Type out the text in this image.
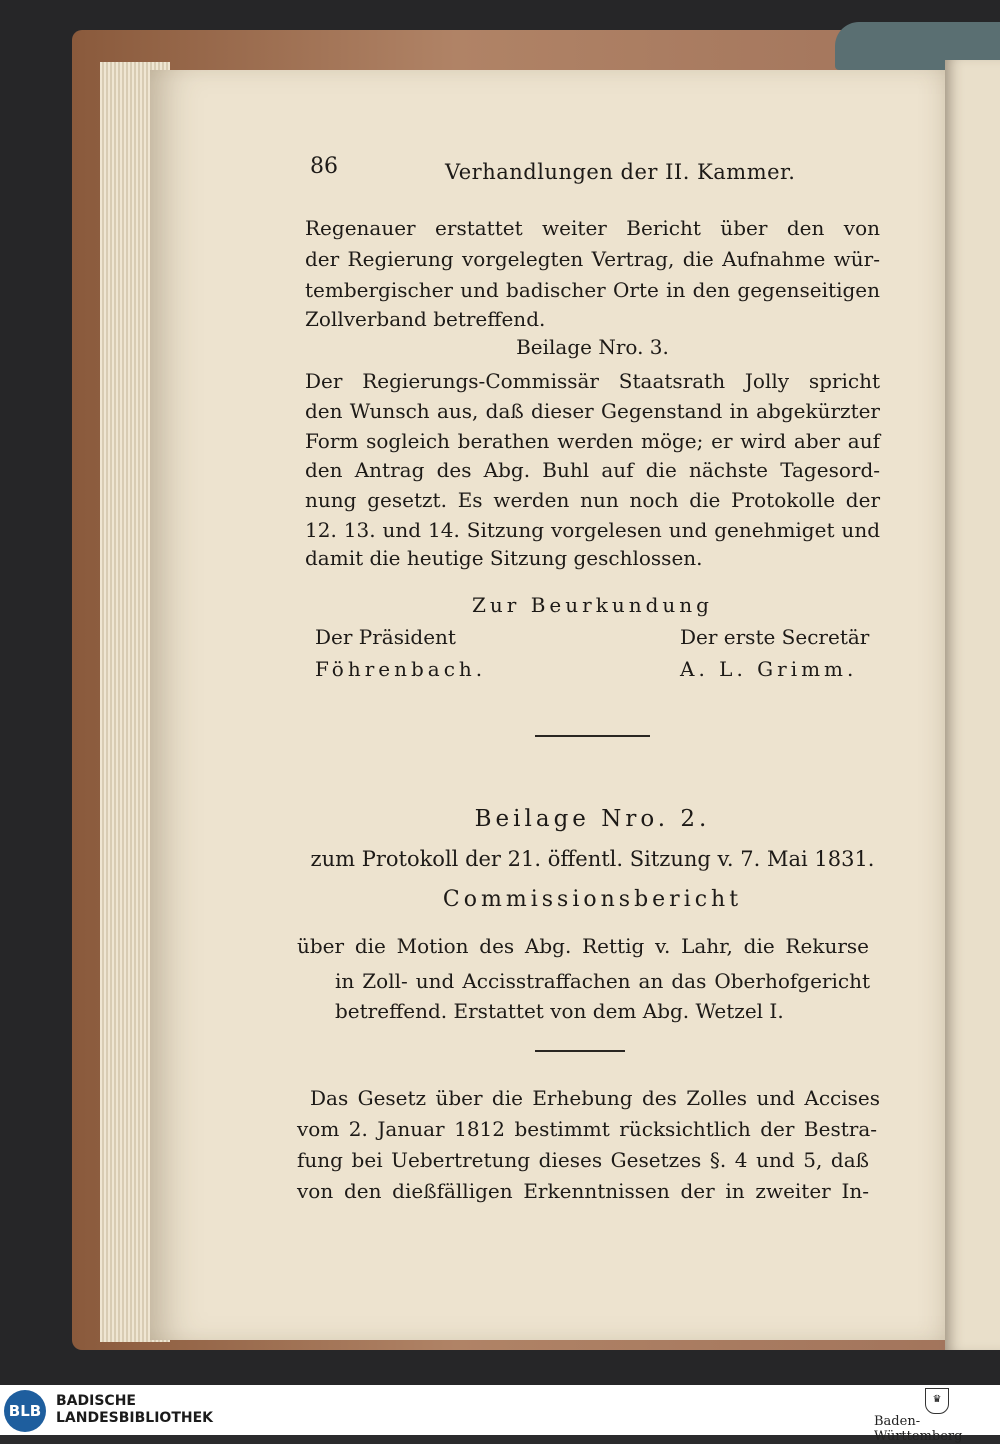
86	Verhandlungen der II. Kammer.
Regenauer erstattet weiter Bericht über den von
der Regierung vorgelegten Vertrag, die Aufnahme wür-
tembergischer und badischer Orte in den gegenseitigen
Zollverband betreffend.
Beilage Nro. 3.
Der Regierungs-Commissär Staatsrath Jolly spricht
den Wunsch aus, daß dieser Gegenstand in abgekürzter
Form sogleich berathen werden möge; er wird aber auf
den Antrag des Abg. Buhl auf die nächste Tagesord-
nung gesetzt. Es werden nun noch die Protokolle der
12. 13. und 14. Sitzung vorgelesen und genehmiget und
damit die heutige Sitzung geschlossen.
Zur Beurkundung
Der Präsident	Der erste Secretär
Föhrenbach.	A. L. Grimm.
Beilage Nro. 2.
zum Protokoll der 21. öffentl. Sitzung v. 7. Mai 1831.
Commissionsbericht
über die Motion des Abg. Rettig v. Lahr, die Rekurse
in Zoll- und Accisstraffachen an das Oberhofgericht
betreffend. Erstattet von dem Abg. Wetzel I.
Das Gesetz über die Erhebung des Zolles und Accises
vom 2. Januar 1812 bestimmt rücksichtlich der Bestra-
fung bei Uebertretung dieses Gesetzes §. 4 und 5, daß
von den dießfälligen Erkenntnissen der in zweiter In-
BLB
BADISCHE
LANDESBIBLIOTHEK
♛
Baden-Württemberg
